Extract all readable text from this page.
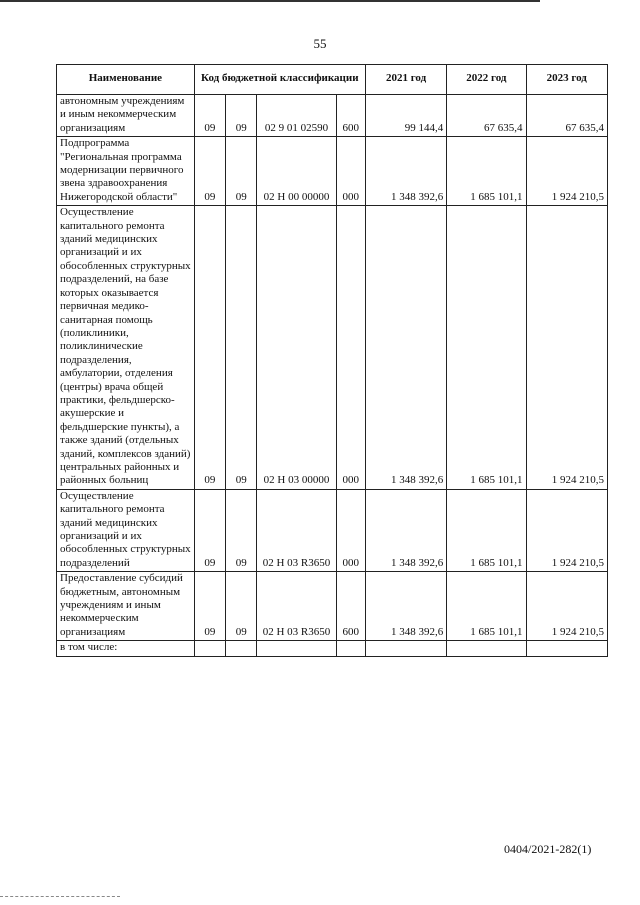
55
Наименование	Код бюджетной классификации				2021 год	2022 год	2023 год
автономным учреждениям и иным некоммерческим организациям	09	09	02 9 01 02590	600	99 144,4	67 635,4	67 635,4
Подпрограмма "Региональная программа модернизации первичного звена здравоохранения Нижегородской области"	09	09	02 Н 00 00000	000	1 348 392,6	1 685 101,1	1 924 210,5
Осуществление капитального ремонта зданий медицинских организаций и их обособленных структурных подразделений, на базе которых оказывается первичная медико-санитарная помощь (поликлиники, поликлинические подразделения, амбулатории, отделения (центры) врача общей практики, фельдшерско-акушерские и фельдшерские пункты), а также зданий (отдельных зданий, комплексов зданий) центральных районных и районных больниц	09	09	02 Н 03 00000	000	1 348 392,6	1 685 101,1	1 924 210,5
Осуществление капитального ремонта зданий медицинских организаций и их обособленных структурных подразделений	09	09	02 Н 03 R3650	000	1 348 392,6	1 685 101,1	1 924 210,5
Предоставление субсидий бюджетным, автономным учреждениям и иным некоммерческим организациям	09	09	02 Н 03 R3650	600	1 348 392,6	1 685 101,1	1 924 210,5
в том числе:							
0404/2021-282(1)
